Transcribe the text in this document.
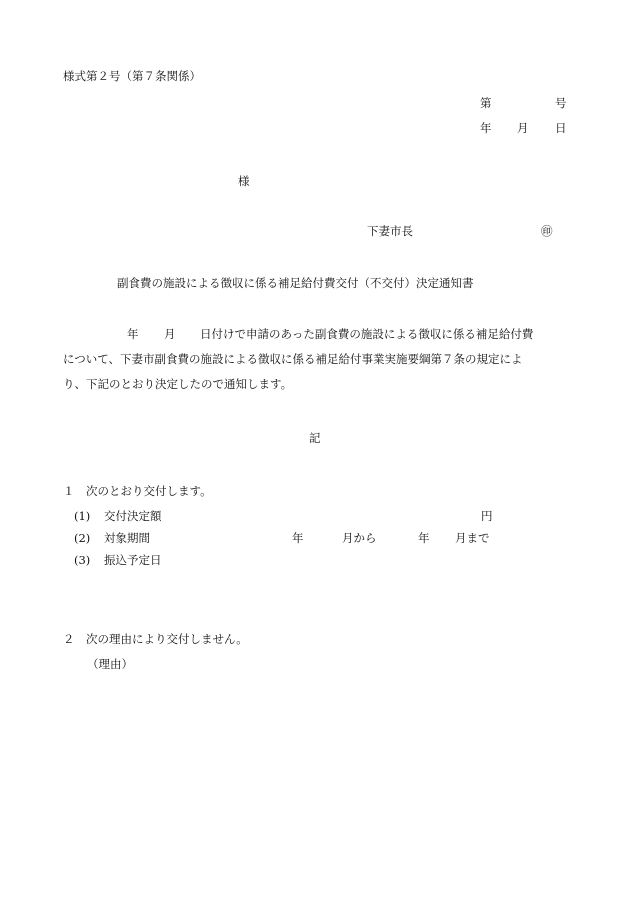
様式第２号（第７条関係）
第	号
年 月 日
様
下妻市長	㊞
副食費の施設による徴収に係る補足給付費交付（不交付）決定通知書
年 月 日付けで申請のあった副食費の施設による徴収に係る補足給付費
について、下妻市副食費の施設による徴収に係る補足給付事業実施要綱第７条の規定によ
り、下記のとおり決定したので通知します。
記
１　次のとおり交付します。
(1) 交付決定額	円
(2) 対象期間	年	月から	年 月まで
(3) 振込予定日
２　次の理由により交付しません。
（理由）
